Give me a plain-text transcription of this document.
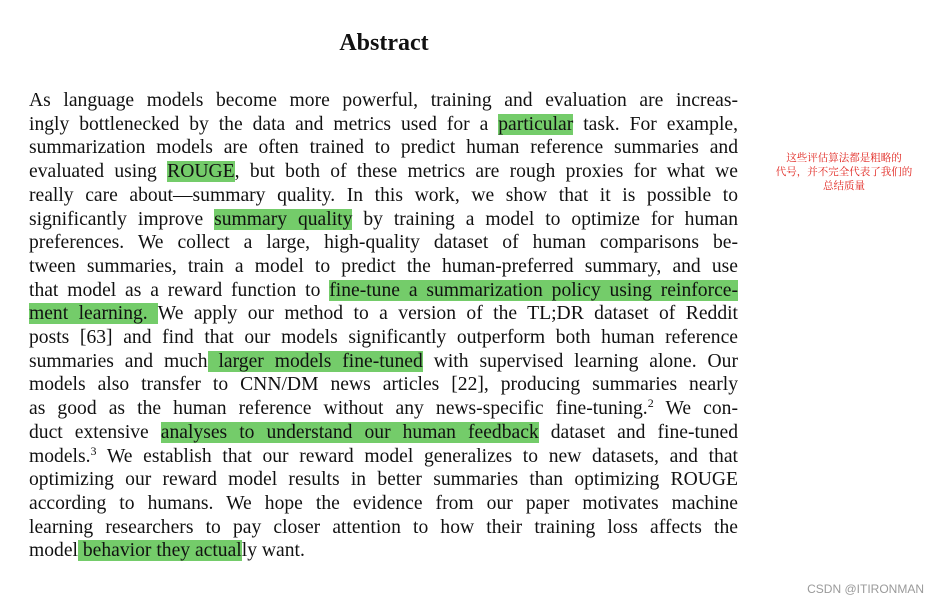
Abstract
As language models become more powerful, training and evaluation are increas-
ingly bottlenecked by the data and metrics used for a particular task. For example,
summarization models are often trained to predict human reference summaries and
evaluated using ROUGE, but both of these metrics are rough proxies for what we
really care about—summary quality. In this work, we show that it is possible to
significantly improve summary quality by training a model to optimize for human
preferences. We collect a large, high-quality dataset of human comparisons be-
tween summaries, train a model to predict the human-preferred summary, and use
that model as a reward function to fine-tune a summarization policy using reinforce-
ment learning. We apply our method to a version of the TL;DR dataset of Reddit
posts [63] and find that our models significantly outperform both human reference
summaries and much larger models fine-tuned with supervised learning alone. Our
models also transfer to CNN/DM news articles [22], producing summaries nearly
as good as the human reference without any news-specific fine-tuning.$^2$ We con-
duct extensive analyses to understand our human feedback dataset and fine-tuned
models.$^3$ We establish that our reward model generalizes to new datasets, and that
optimizing our reward model results in better summaries than optimizing ROUGE
according to humans. We hope the evidence from our paper motivates machine
learning researchers to pay closer attention to how their training loss affects the
model behavior they actually want.
这些评估算法都是粗略的
代号，并不完全代表了我们的
总结质量
CSDN @ITIRONMAN
